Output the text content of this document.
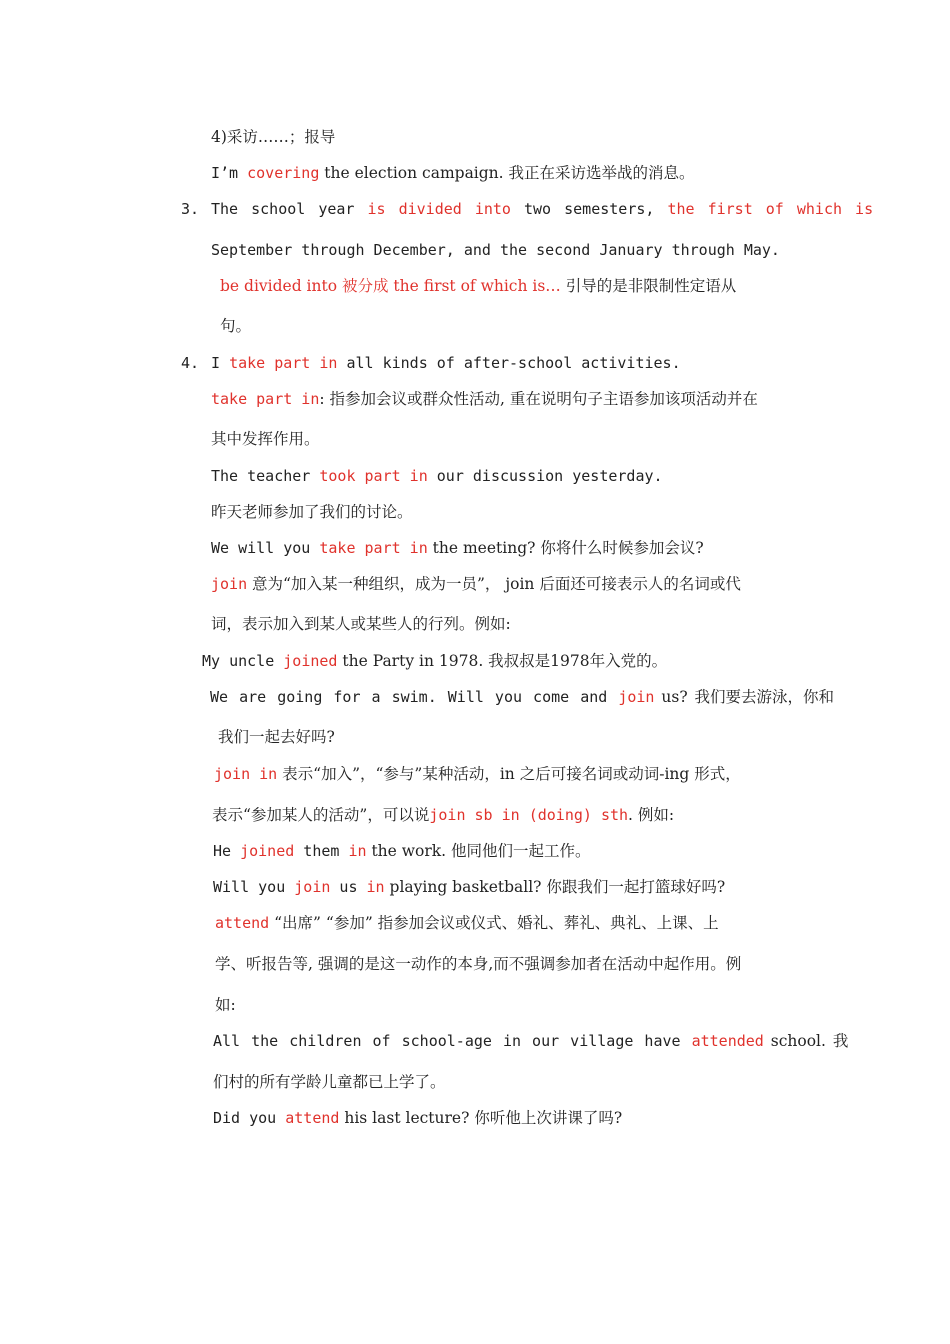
4)采访……；报导
I’m covering the election campaign. 我正在采访选举战的消息。
3. The school year is divided into two semesters, the first of which is
September through December, and the second January through May.
be divided into 被分成 the first of which is… 引导的是非限制性定语从
句。
4. I take part in all kinds of after-school activities.
take part in: 指参加会议或群众性活动, 重在说明句子主语参加该项活动并在
其中发挥作用。
The teacher took part in our discussion yesterday.
昨天老师参加了我们的讨论。
We will you take part in the meeting? 你将什么时候参加会议?
join 意为“加入某一种组织，成为一员”， join 后面还可接表示人的名词或代
词，表示加入到某人或某些人的行列。例如:
My uncle joined the Party in 1978. 我叔叔是1978年入党的。
We are going for a swim. Will you come and join us? 我们要去游泳，你和
我们一起去好吗?
join in 表示“加入”，“参与”某种活动，in 之后可接名词或动词-ing 形式，
表示“参加某人的活动”，可以说join sb in (doing) sth. 例如:
He joined them in the work. 他同他们一起工作。
Will you join us in playing basketball? 你跟我们一起打篮球好吗?
attend “出席” “参加” 指参加会议或仪式、婚礼、葬礼、典礼、上课、上
学、听报告等, 强调的是这一动作的本身,而不强调参加者在活动中起作用。例
如:
All the children of school-age in our village have attended school. 我
们村的所有学龄儿童都已上学了。
Did you attend his last lecture? 你听他上次讲课了吗?
